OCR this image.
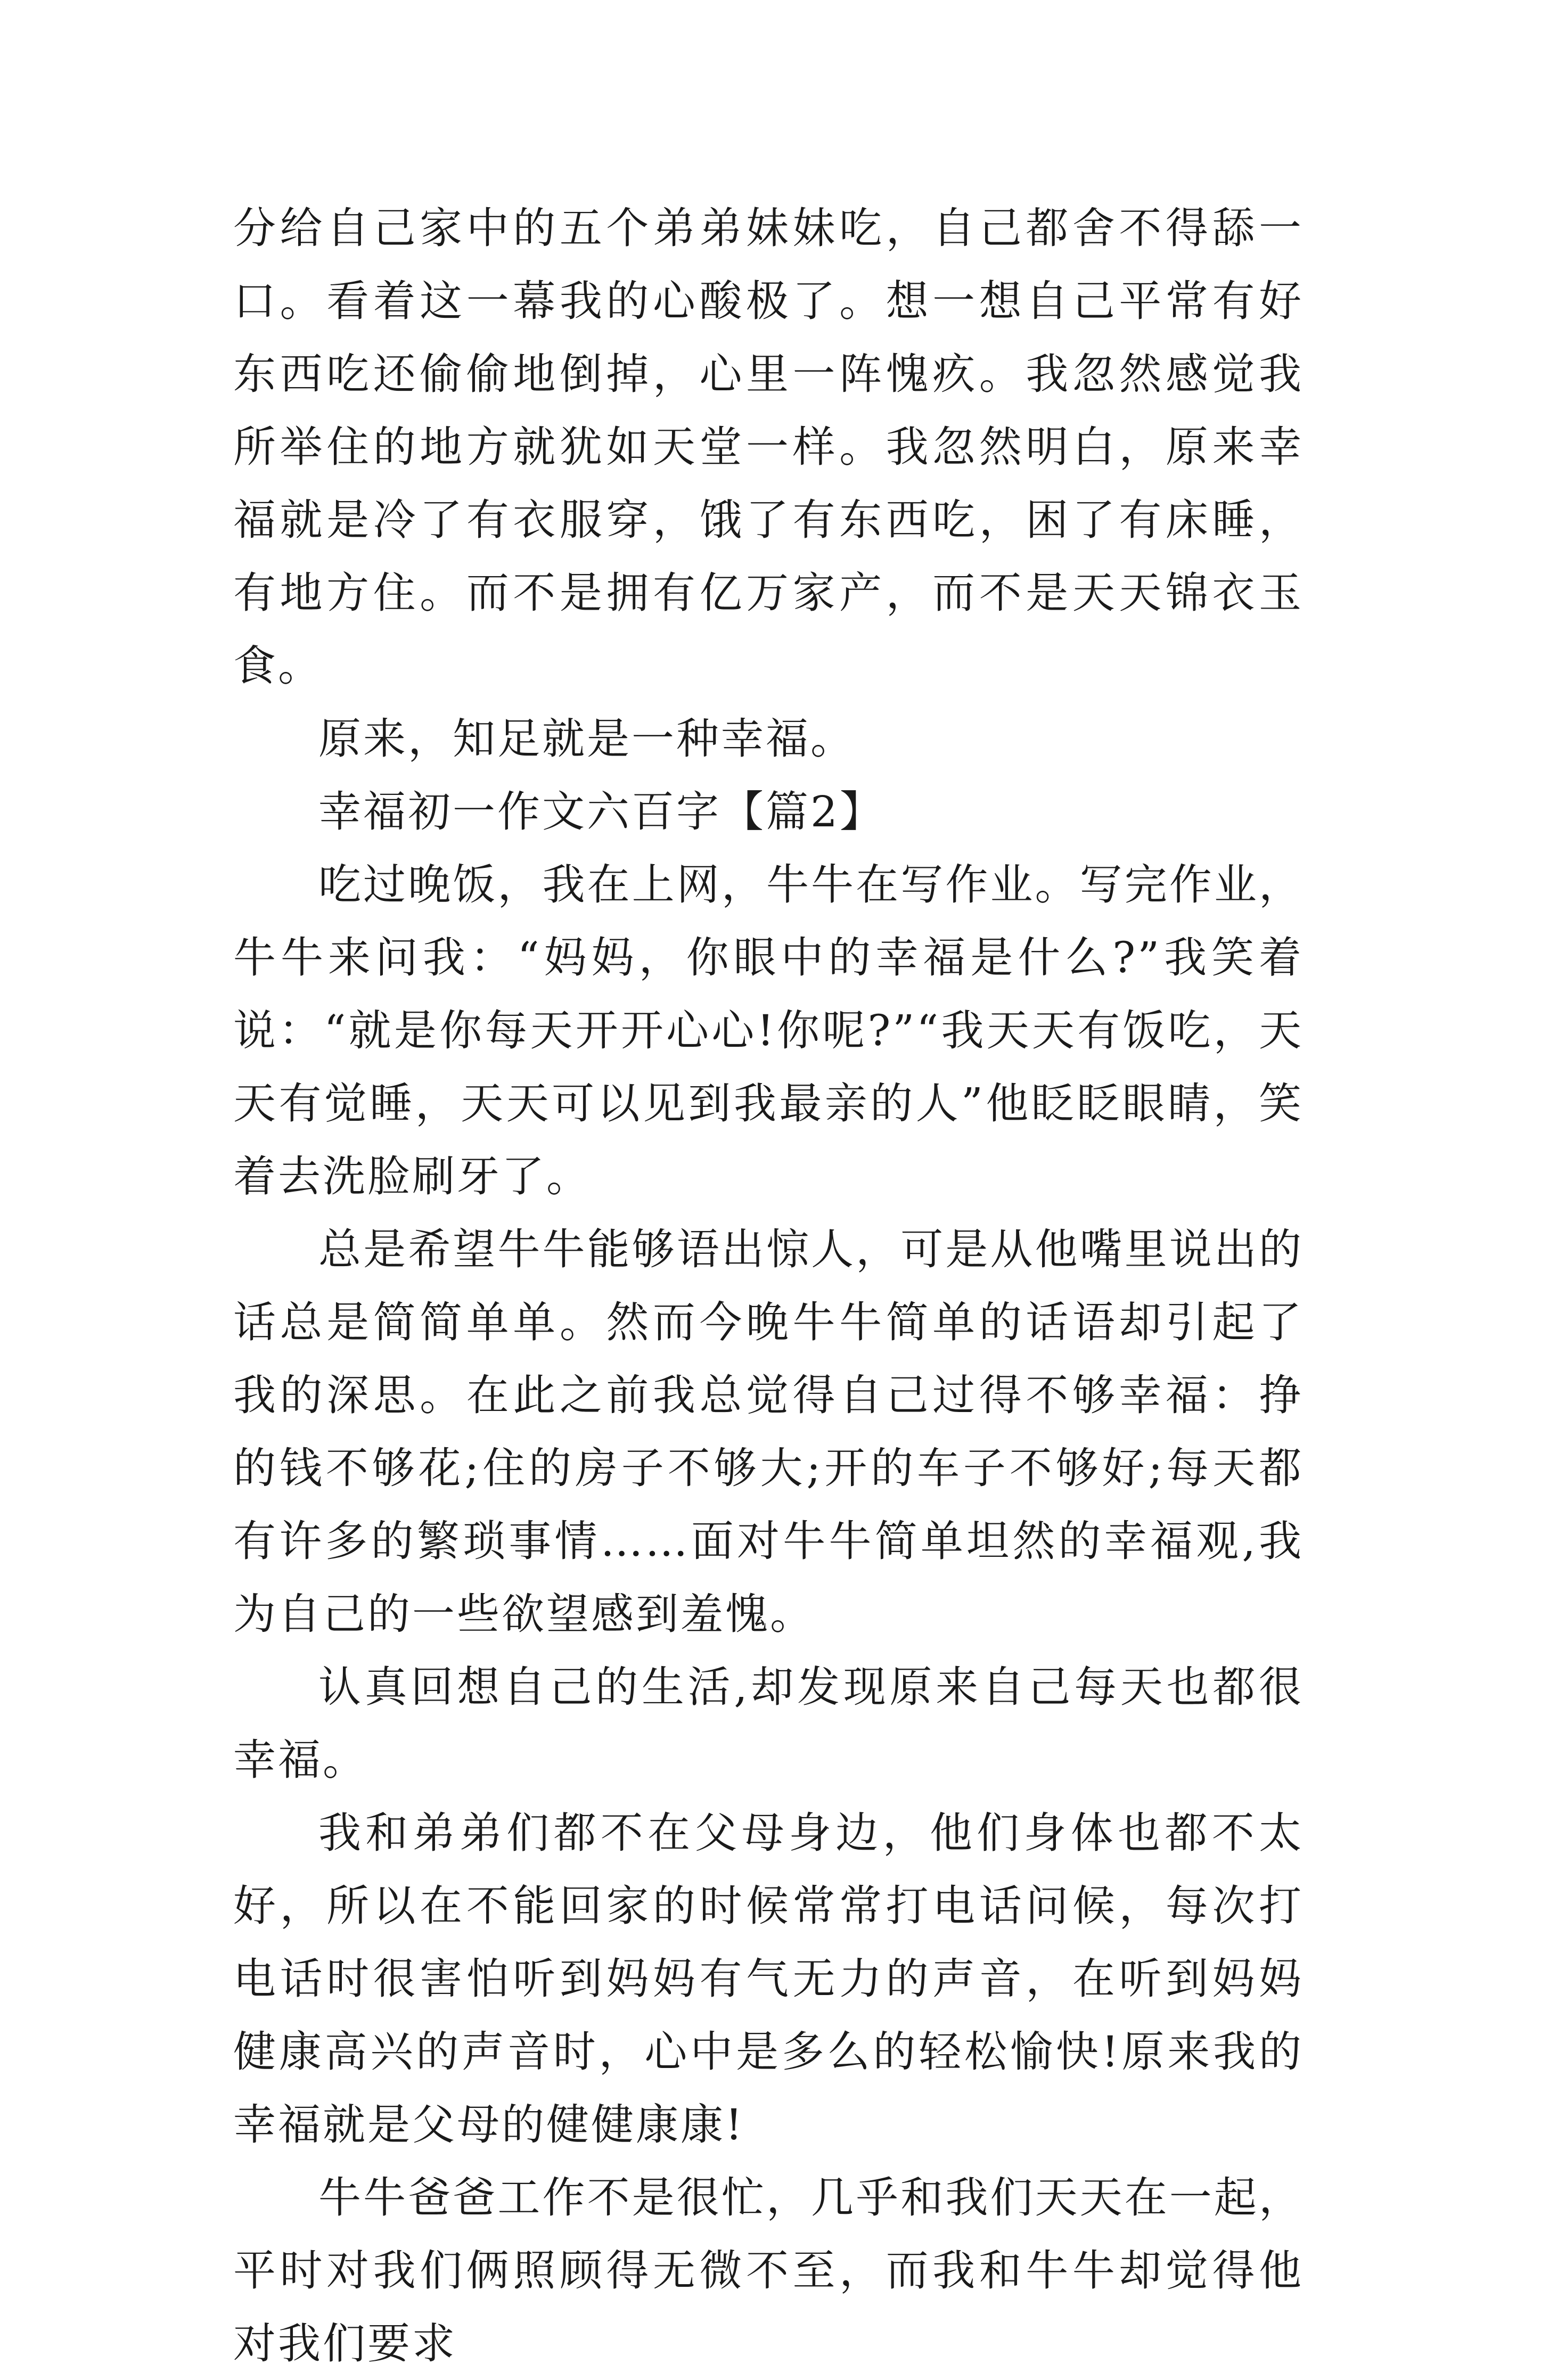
分给自己家中的五个弟弟妹妹吃，自己都舍不得舔一口。看着这一幕我的心酸极了。想一想自己平常有好东西吃还偷偷地倒掉，心里一阵愧疚。我忽然感觉我所举住的地方就犹如天堂一样。我忽然明白，原来幸福就是冷了有衣服穿，饿了有东西吃，困了有床睡，有地方住。而不是拥有亿万家产，而不是天天锦衣玉食。

原来，知足就是一种幸福。

幸福初一作文六百字【篇2】

吃过晚饭，我在上网，牛牛在写作业。写完作业，牛牛来问我：“妈妈，你眼中的幸福是什么?”我笑着说：“就是你每天开开心心!你呢?”“我天天有饭吃，天天有觉睡，天天可以见到我最亲的人”他眨眨眼睛，笑着去洗脸刷牙了。

总是希望牛牛能够语出惊人，可是从他嘴里说出的话总是简简单单。然而今晚牛牛简单的话语却引起了我的深思。在此之前我总觉得自己过得不够幸福：挣的钱不够花;住的房子不够大;开的车子不够好;每天都有许多的繁琐事情……面对牛牛简单坦然的幸福观,我为自己的一些欲望感到羞愧。

认真回想自己的生活,却发现原来自己每天也都很幸福。

我和弟弟们都不在父母身边，他们身体也都不太好，所以在不能回家的时候常常打电话问候，每次打电话时很害怕听到妈妈有气无力的声音，在听到妈妈健康高兴的声音时，心中是多么的轻松愉快!原来我的幸福就是父母的健健康康!

牛牛爸爸工作不是很忙，几乎和我们天天在一起，平时对我们俩照顾得无微不至，而我和牛牛却觉得他对我们要求
